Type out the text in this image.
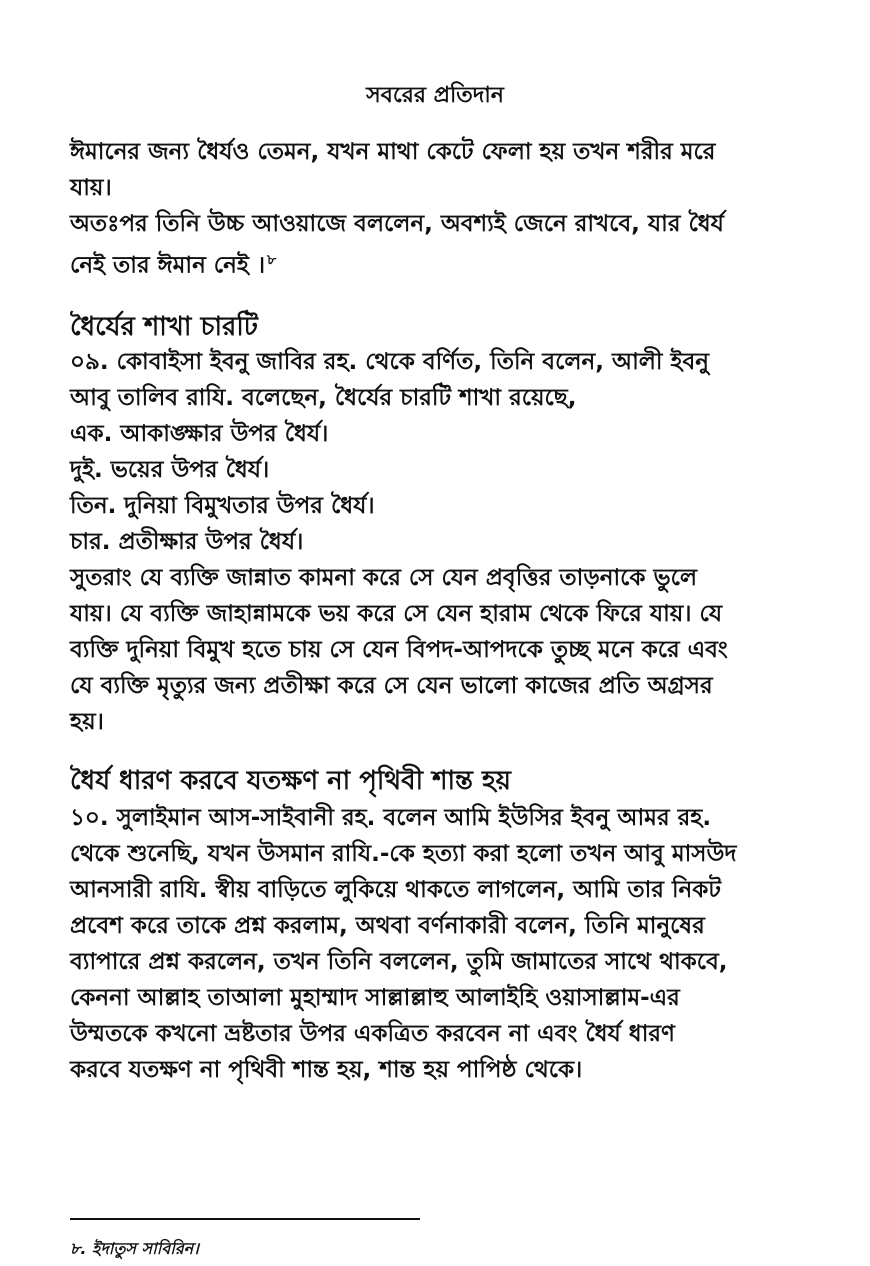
সবরের প্রতিদান
ঈমানের জন্য ধৈর্যও তেমন, যখন মাথা কেটে ফেলা হয় তখন শরীর মরে
যায়।
অতঃপর তিনি উচ্চ আওয়াজে বললেন, অবশ্যই জেনে রাখবে, যার ধৈর্য
নেই তার ঈমান নেই । $^৮$
ধৈর্যের শাখা চারটি
০৯. কোবাইসা ইবনু জাবির রহ. থেকে বর্ণিত, তিনি বলেন, আলী ইবনু
আবু তালিব রাযি. বলেছেন, ধৈর্যের চারটি শাখা রয়েছে,
এক. আকাঙ্ক্ষার উপর ধৈর্য।
দুই. ভয়ের উপর ধৈর্য।
তিন. দুনিয়া বিমুখতার উপর ধৈর্য।
চার. প্রতীক্ষার উপর ধৈর্য।
সুতরাং যে ব্যক্তি জান্নাত কামনা করে সে যেন প্রবৃত্তির তাড়নাকে ভুলে
যায়। যে ব্যক্তি জাহান্নামকে ভয় করে সে যেন হারাম থেকে ফিরে যায়। যে
ব্যক্তি দুনিয়া বিমুখ হতে চায় সে যেন বিপদ-আপদকে তুচ্ছ মনে করে এবং
যে ব্যক্তি মৃত্যুর জন্য প্রতীক্ষা করে সে যেন ভালো কাজের প্রতি অগ্রসর
হয়।
ধৈর্য ধারণ করবে যতক্ষণ না পৃথিবী শান্ত হয়
১০. সুলাইমান আস-সাইবানী রহ. বলেন আমি ইউসির ইবনু আমর রহ.
থেকে শুনেছি, যখন উসমান রাযি.-কে হত্যা করা হলো তখন আবু মাসউদ
আনসারী রাযি. স্বীয় বাড়িতে লুকিয়ে থাকতে লাগলেন, আমি তার নিকট
প্রবেশ করে তাকে প্রশ্ন করলাম, অথবা বর্ণনাকারী বলেন, তিনি মানুষের
ব্যাপারে প্রশ্ন করলেন, তখন তিনি বললেন, তুমি জামাতের সাথে থাকবে,
কেননা আল্লাহ তাআলা মুহাম্মাদ সাল্লাল্লাহু আলাইহি ওয়াসাল্লাম-এর
উম্মতকে কখনো ভ্রষ্টতার উপর একত্রিত করবেন না এবং ধৈর্য ধারণ
করবে যতক্ষণ না পৃথিবী শান্ত হয়, শান্ত হয় পাপিষ্ঠ থেকে।
৮. ইদাতুস সাবিরিন।
